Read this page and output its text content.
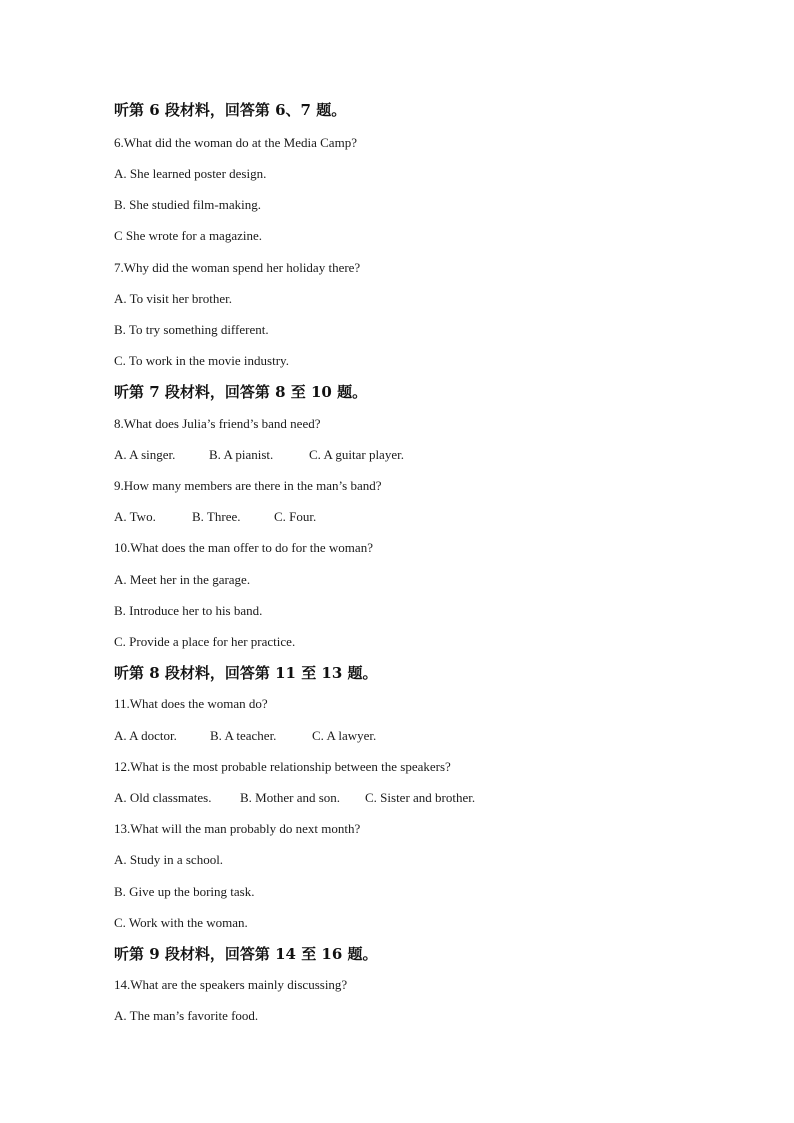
听第 6 段材料，回答第 6、7 题。
6.What did the woman do at the Media Camp?
A. She learned poster design.
B. She studied film-making.
C She wrote for a magazine.
7.Why did the woman spend her holiday there?
A. To visit her brother.
B. To try something different.
C. To work in the movie industry.
听第 7 段材料，回答第 8 至 10 题。
8.What does Julia’s friend’s band need?
A. A singer.	B. A pianist.	C. A guitar player.
9.How many members are there in the man’s band?
A. Two.	B. Three.	C. Four.
10.What does the man offer to do for the woman?
A. Meet her in the garage.
B. Introduce her to his band.
C. Provide a place for her practice.
听第 8 段材料，回答第 11 至 13 题。
11.What does the woman do?
A. A doctor.	B. A teacher.	C. A lawyer.
12.What is the most probable relationship between the speakers?
A. Old classmates. B. Mother and son. C. Sister and brother.
13.What will the man probably do next month?
A. Study in a school.
B. Give up the boring task.
C. Work with the woman.
听第 9 段材料，回答第 14 至 16 题。
14.What are the speakers mainly discussing?
A. The man’s favorite food.
